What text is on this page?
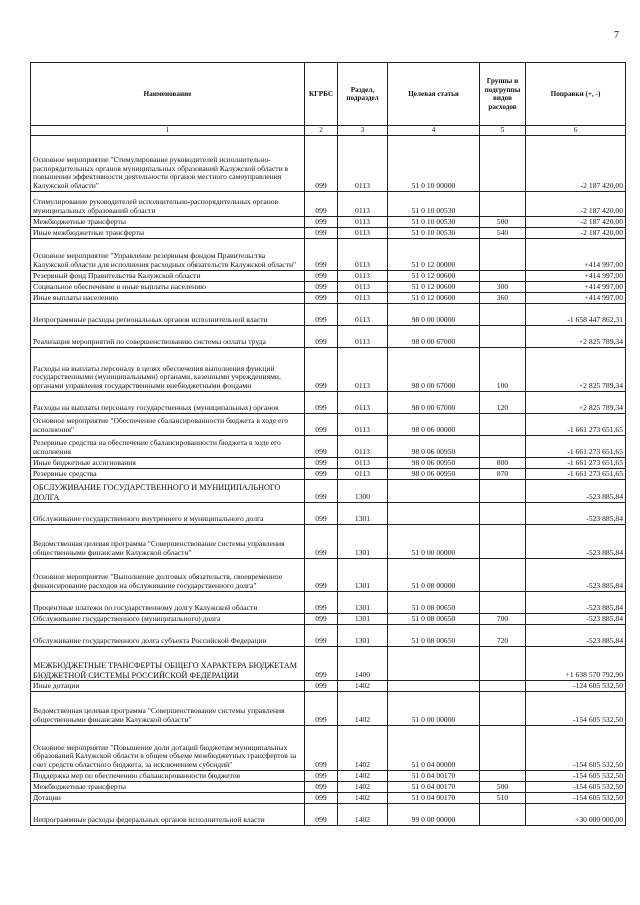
7
Наименование	КГРБС	Раздел, подраздел	Целевая статья	Группы и подгруппы видов расходов	Поправки (+, -)
1	2	3	4	5	6
Основное мероприятие "Стимулирование руководителей исполнительно-распорядительных органов муниципальных образований Калужской области в повышении эффективности деятельности органов местного самоуправления Калужской области"	099	0113	51 0 10 00000		-2 187 420,00
Стимулирование руководителей исполнительно-распорядительных органов муниципальных образований области	099	0113	51 0 10 00530		-2 187 420,00
Межбюджетные трансферты	099	0113	51 0 10 00530	500	-2 187 420,00
Иные межбюджетные трансферты	099	0113	51 0 10 00530	540	-2 187 420,00
Основное мероприятие "Управление резервным фондом Правительства Калужской области для исполнения расходных обязательств Калужской области"	099	0113	51 0 12 00000		+414 997,00
Резервный фонд Правительства Калужской области	099	0113	51 0 12 00600		+414 997,00
Социальное обеспечение и иные выплаты населению	099	0113	51 0 12 00600	300	+414 997,00
Иные выплаты населению	099	0113	51 0 12 00600	360	+414 997,00
Непрограммные расходы региональных органов исполнительной власти	099	0113	98 0 00 00000		-1 658 447 862,31
Реализация мероприятий по совершенствованию системы оплаты труда	099	0113	98 0 00 67000		+2 825 789,34
Расходы на выплаты персоналу в целях обеспечения выполнения функций государственными (муниципальными) органами, казенными учреждениями, органами управления государственными внебюджетными фондами	099	0113	98 0 00 67000	100	+2 825 789,34
Расходы на выплаты персоналу государственных (муниципальных) органов	099	0113	98 0 00 67000	120	+2 825 789,34
Основное мероприятие "Обеспечение сбалансированности бюджета в ходе его исполнения"	099	0113	98 0 06 00000		-1 661 273 651,65
Резервные средства на обеспечение сбалансированности бюджета в ходе его исполнения	099	0113	98 0 06 00950		-1 661 273 651,65
Иные бюджетные ассигнования	099	0113	98 0 06 00950	800	-1 661 273 651,65
Резервные средства	099	0113	98 0 06 00950	870	-1 661 273 651,65
ОБСЛУЖИВАНИЕ ГОСУДАРСТВЕННОГО И МУНИЦИПАЛЬНОГО ДОЛГА	099	1300			-523 885,84
Обслуживание государственного внутреннего и муниципального долга	099	1301			-523 885,84
Ведомственная целевая программа "Совершенствование системы управления общественными финансами Калужской области"	099	1301	51 0 00 00000		-523 885,84
Основное мероприятие "Выполнение долговых обязательств, своевременное финансирование расходов на обслуживание государственного долга"	099	1301	51 0 08 00000		-523 885,84
Процентные платежи по государственному долгу Калужской области	099	1301	51 0 08 00650		-523 885,84
Обслуживание государственного (муниципального) долга	099	1301	51 0 08 00650	700	-523 885,84
Обслуживание государственного долга субъекта Российской Федерации	099	1301	51 0 08 00650	720	-523 885,84
МЕЖБЮДЖЕТНЫЕ ТРАНСФЕРТЫ ОБЩЕГО ХАРАКТЕРА БЮДЖЕТАМ БЮДЖЕТНОЙ СИСТЕМЫ РОССИЙСКОЙ ФЕДЕРАЦИИ	099	1400			+1 638 570 792,90
Иные дотации	099	1402			-124 605 532,50
Ведомственная целевая программа "Совершенствование системы управления общественными финансами Калужской области"	099	1402	51 0 00 00000		-154 605 532,50
Основное мероприятие "Повышение доли дотаций бюджетам муниципальных образований Калужской области в общем объеме межбюджетных трансфертов за счет средств областного бюджета, за исключением субсидий"	099	1402	51 0 04 00000		-154 605 532,50
Поддержка мер по обеспечению сбалансированности бюджетов	099	1402	51 0 04 00170		-154 605 532,50
Межбюджетные трансферты	099	1402	51 0 04 00170	500	-154 605 532,50
Дотации	099	1402	51 0 04 00170	510	-154 605 532,50
Непрограммные расходы федеральных органов исполнительной власти	099	1402	99 0 00 00000		+30 000 000,00
